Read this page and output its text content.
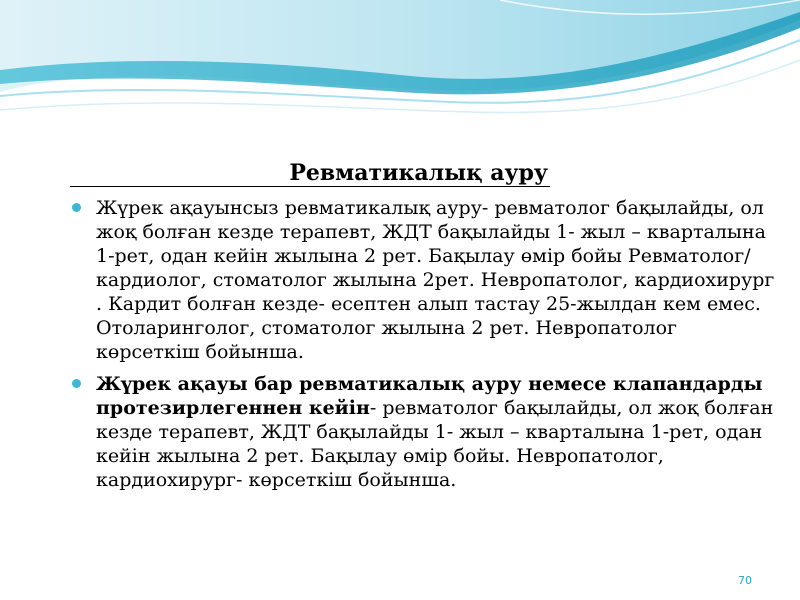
Ревматикалық ауру
Жүрек ақауынсыз ревматикалық ауру- ревматолог бақылайды, ол жоқ болған кезде терапевт, ЖДТ бақылайды 1- жыл – кварталына 1-рет, одан кейін жылына 2 рет. Бақылау өмір бойы Ревматолог/кардиолог, стоматолог жылына 2рет. Невропатолог, кардиохирург . Кардит болған кезде- есептен алып тастау 25-жылдан кем емес. Отоларинголог, стоматолог жылына 2 рет. Невропатолог көрсеткіш бойынша.
Жүрек ақауы бар ревматикалық ауру немесе клапандарды протезирлегеннен кейін- ревматолог бақылайды, ол жоқ болған кезде терапевт, ЖДТ бақылайды 1- жыл – кварталына 1-рет, одан кейін жылына 2 рет. Бақылау өмір бойы. Невропатолог, кардиохирург- көрсеткіш бойынша.
70
